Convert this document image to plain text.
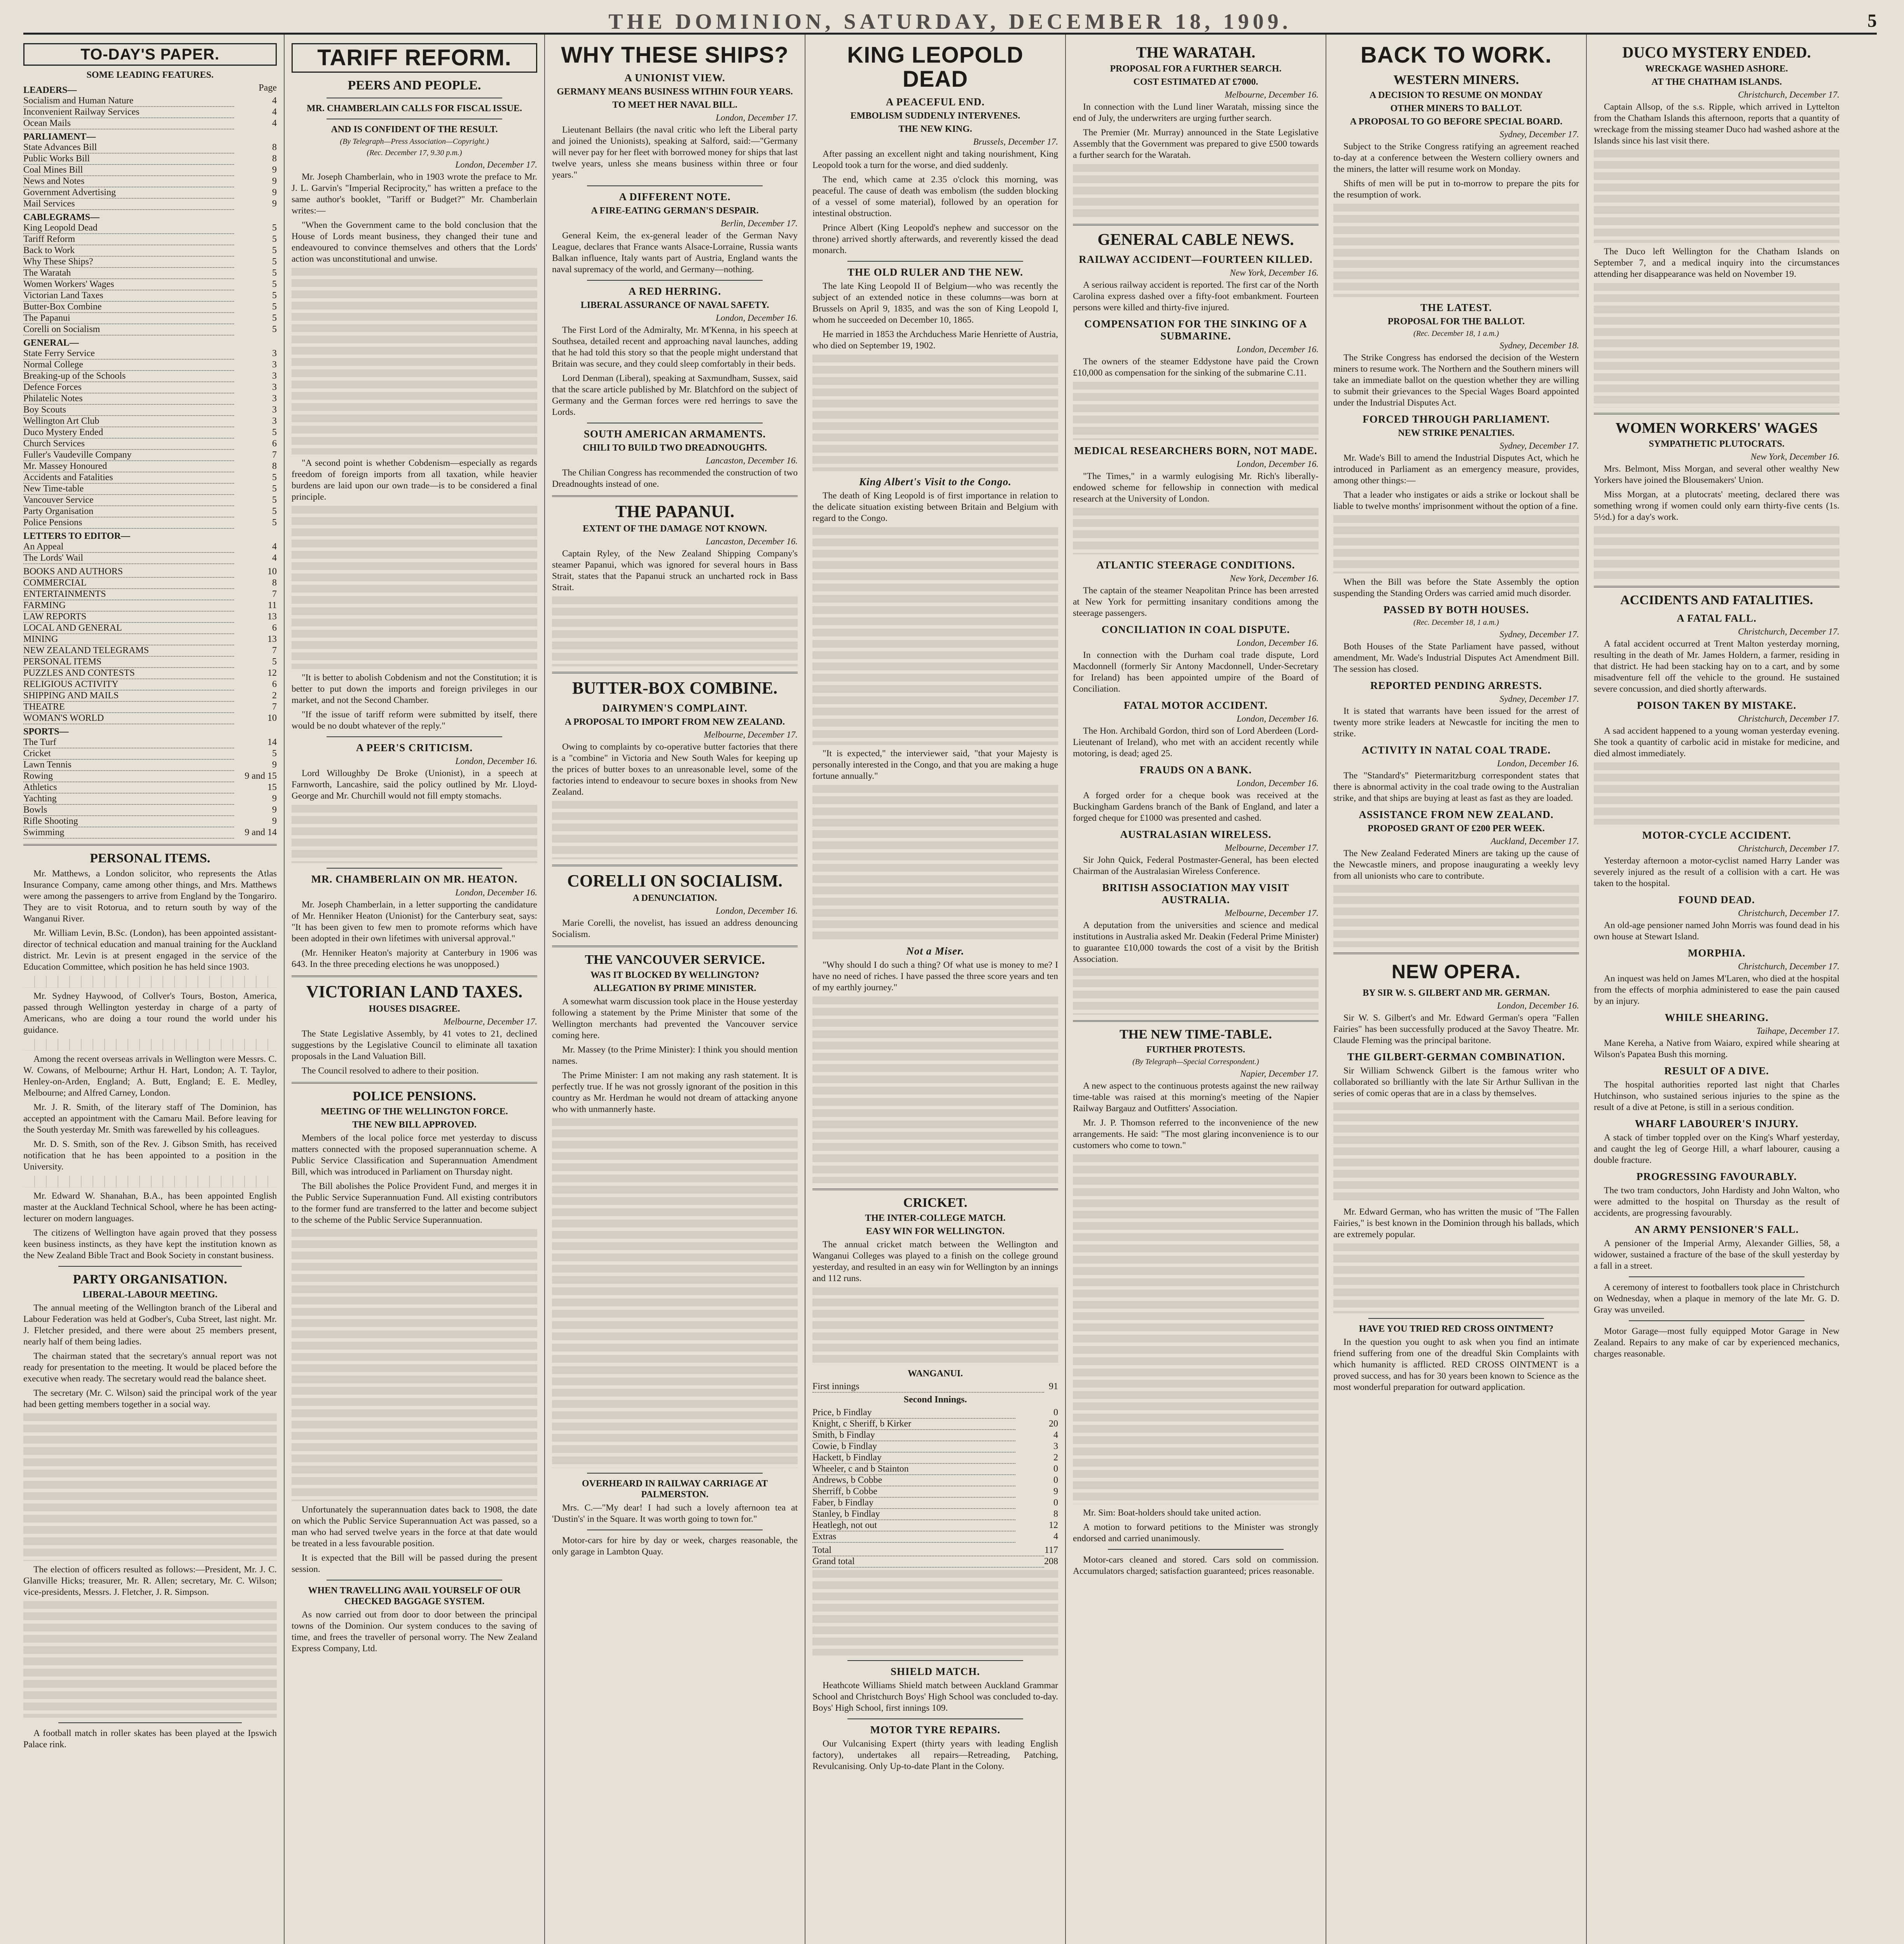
THE DOMINION, SATURDAY, DECEMBER 18, 1909.	5
TO-DAY'S PAPER.
SOME LEADING FEATURES.
LEADERS—	Page
Socialism and Human Nature	4
Inconvenient Railway Services	4
Ocean Mails	4
PARLIAMENT—
State Advances Bill	8
Public Works Bill	8
Coal Mines Bill	9
News and Notes	9
Government Advertising	9
Mail Services	9
CABLEGRAMS—
King Leopold Dead	5
Tariff Reform	5
Back to Work	5
Why These Ships?	5
The Waratah	5
Women Workers' Wages	5
Victorian Land Taxes	5
Butter-Box Combine	5
The Papanui	5
Corelli on Socialism	5
GENERAL—
State Ferry Service	3
Normal College	3
Breaking-up of the Schools	3
Defence Forces	3
Philatelic Notes	3
Boy Scouts	3
Wellington Art Club	3
Duco Mystery Ended	5
Church Services	6
Fuller's Vaudeville Company	7
Mr. Massey Honoured	8
Accidents and Fatalities	5
New Time-table	5
Vancouver Service	5
Party Organisation	5
Police Pensions	5
LETTERS TO EDITOR—
An Appeal	4
The Lords' Wail	4
BOOKS AND AUTHORS	10
COMMERCIAL	8
ENTERTAINMENTS	7
FARMING	11
LAW REPORTS	13
LOCAL AND GENERAL	6
MINING	13
NEW ZEALAND TELEGRAMS	7
PERSONAL ITEMS	5
PUZZLES AND CONTESTS	12
RELIGIOUS ACTIVITY	6
SHIPPING AND MAILS	2
THEATRE	7
WOMAN'S WORLD	10
SPORTS—
The Turf	14
Cricket	5
Lawn Tennis	9
Rowing	9 and 15
Athletics	15
Yachting	9
Bowls	9
Rifle Shooting	9
Swimming	9 and 14
PERSONAL ITEMS.

Mr. Matthews, a London solicitor, who represents the Atlas Insurance Company, came among other things, and Mrs. Matthews were among the passengers to arrive from England by the Tongariro. They are to visit Rotorua, and to return south by way of the Wanganui River.

Mr. William Levin, B.Sc. (London), has been appointed assistant-director of technical education and manual training for the Auckland district. Mr. Levin is at present engaged in the service of the Education Committee, which position he has held since 1903.

Mr. Sydney Haywood, of Collver's Tours, Boston, America, passed through Wellington yesterday in charge of a party of Americans, who are doing a tour round the world under his guidance.

Among the recent overseas arrivals in Wellington were Messrs. C. W. Cowans, of Melbourne; Arthur H. Hart, London; A. T. Taylor, Henley-on-Arden, England; A. Butt, England; E. E. Medley, Melbourne; and Alfred Carney, London.

Mr. J. R. Smith, of the literary staff of The Dominion, has accepted an appointment with the Camaru Mail. Before leaving for the South yesterday Mr. Smith was farewelled by his colleagues.

Mr. D. S. Smith, son of the Rev. J. Gibson Smith, has received notification that he has been appointed to a position in the University.

Mr. Edward W. Shanahan, B.A., has been appointed English master at the Auckland Technical School, where he has been acting-lecturer on modern languages.

The citizens of Wellington have again proved that they possess keen business instincts, as they have kept the institution known as the New Zealand Bible Tract and Book Society in constant business.

PARTY ORGANISATION.
LIBERAL-LABOUR MEETING.

The annual meeting of the Wellington branch of the Liberal and Labour Federation was held at Godber's, Cuba Street, last night. Mr. J. Fletcher presided, and there were about 25 members present, nearly half of them being ladies.

The chairman stated that the secretary's annual report was not ready for presentation to the meeting. It would be placed before the executive when ready. The secretary would read the balance sheet.

The secretary (Mr. C. Wilson) said the principal work of the year had been getting members together in a social way.

The election of officers resulted as follows:—President, Mr. J. C. Glanville Hicks; treasurer, Mr. R. Allen; secretary, Mr. C. Wilson; vice-presidents, Messrs. J. Fletcher, J. R. Simpson.

A football match in roller skates has been played at the Ipswich Palace rink.

TARIFF REFORM.
PEERS AND PEOPLE.
MR. CHAMBERLAIN CALLS FOR FISCAL ISSUE.
AND IS CONFIDENT OF THE RESULT.
(By Telegraph—Press Association—Copyright.)
(Rec. December 17, 9.30 p.m.)
London, December 17.

Mr. Joseph Chamberlain, who in 1903 wrote the preface to Mr. J. L. Garvin's "Imperial Reciprocity," has written a preface to the same author's booklet, "Tariff or Budget?" Mr. Chamberlain writes:—

"When the Government came to the bold conclusion that the House of Lords meant business, they changed their tune and endeavoured to convince themselves and others that the Lords' action was unconstitutional and unwise.

"A second point is whether Cobdenism—especially as regards freedom of foreign imports from all taxation, while heavier burdens are laid upon our own trade—is to be considered a final principle.

"It is better to abolish Cobdenism and not the Constitution; it is better to put down the imports and foreign privileges in our market, and not the Second Chamber.

"If the issue of tariff reform were submitted by itself, there would be no doubt whatever of the reply."

A PEER'S CRITICISM.
London, December 16.

Lord Willoughby De Broke (Unionist), in a speech at Farnworth, Lancashire, said the policy outlined by Mr. Lloyd-George and Mr. Churchill would not fill empty stomachs.

MR. CHAMBERLAIN ON MR. HEATON.
London, December 16.

Mr. Joseph Chamberlain, in a letter supporting the candidature of Mr. Henniker Heaton (Unionist) for the Canterbury seat, says: "It has been given to few men to promote reforms which have been adopted in their own lifetimes with universal approval."

(Mr. Henniker Heaton's majority at Canterbury in 1906 was 643. In the three preceding elections he was unopposed.)

VICTORIAN LAND TAXES.
HOUSES DISAGREE.
Melbourne, December 17.

The State Legislative Assembly, by 41 votes to 21, declined suggestions by the Legislative Council to eliminate all taxation proposals in the Land Valuation Bill.

The Council resolved to adhere to their position.

POLICE PENSIONS.
MEETING OF THE WELLINGTON FORCE.
THE NEW BILL APPROVED.

Members of the local police force met yesterday to discuss matters connected with the proposed superannuation scheme. A Public Service Classification and Superannuation Amendment Bill, which was introduced in Parliament on Thursday night.

The Bill abolishes the Police Provident Fund, and merges it in the Public Service Superannuation Fund. All existing contributors to the former fund are transferred to the latter and become subject to the scheme of the Public Service Superannuation.

Unfortunately the superannuation dates back to 1908, the date on which the Public Service Superannuation Act was passed, so a man who had served twelve years in the force at that date would be treated in a less favourable position.

It is expected that the Bill will be passed during the present session.

WHEN TRAVELLING AVAIL YOURSELF OF OUR CHECKED BAGGAGE SYSTEM.

As now carried out from door to door between the principal towns of the Dominion. Our system conduces to the saving of time, and frees the traveller of personal worry. The New Zealand Express Company, Ltd.

WHY THESE SHIPS?
A UNIONIST VIEW.
GERMANY MEANS BUSINESS WITHIN FOUR YEARS.
TO MEET HER NAVAL BILL.
London, December 17.

Lieutenant Bellairs (the naval critic who left the Liberal party and joined the Unionists), speaking at Salford, said:—"Germany will never pay for her fleet with borrowed money for ships that last twelve years, unless she means business within three or four years."

A DIFFERENT NOTE.
A FIRE-EATING GERMAN'S DESPAIR.
Berlin, December 17.

General Keim, the ex-general leader of the German Navy League, declares that France wants Alsace-Lorraine, Russia wants Balkan influence, Italy wants part of Austria, England wants the naval supremacy of the world, and Germany—nothing.

A RED HERRING.
LIBERAL ASSURANCE OF NAVAL SAFETY.
London, December 16.

The First Lord of the Admiralty, Mr. M'Kenna, in his speech at Southsea, detailed recent and approaching naval launches, adding that he had told this story so that the people might understand that Britain was secure, and they could sleep comfortably in their beds.

Lord Denman (Liberal), speaking at Saxmundham, Sussex, said that the scare article published by Mr. Blatchford on the subject of Germany and the German forces were red herrings to save the Lords.

SOUTH AMERICAN ARMAMENTS.
CHILI TO BUILD TWO DREADNOUGHTS.
Lancaston, December 16.

The Chilian Congress has recommended the construction of two Dreadnoughts instead of one.

THE PAPANUI.
EXTENT OF THE DAMAGE NOT KNOWN.
Lancaston, December 16.

Captain Ryley, of the New Zealand Shipping Company's steamer Papanui, which was ignored for several hours in Bass Strait, states that the Papanui struck an uncharted rock in Bass Strait.

BUTTER-BOX COMBINE.
DAIRYMEN'S COMPLAINT.
A PROPOSAL TO IMPORT FROM NEW ZEALAND.
Melbourne, December 17.

Owing to complaints by co-operative butter factories that there is a "combine" in Victoria and New South Wales for keeping up the prices of butter boxes to an unreasonable level, some of the factories intend to endeavour to secure boxes in shooks from New Zealand.

CORELLI ON SOCIALISM.
A DENUNCIATION.
London, December 16.

Marie Corelli, the novelist, has issued an address denouncing Socialism.

THE VANCOUVER SERVICE.
WAS IT BLOCKED BY WELLINGTON?
ALLEGATION BY PRIME MINISTER.

A somewhat warm discussion took place in the House yesterday following a statement by the Prime Minister that some of the Wellington merchants had prevented the Vancouver service coming here.

Mr. Massey (to the Prime Minister): I think you should mention names.

The Prime Minister: I am not making any rash statement. It is perfectly true. If he was not grossly ignorant of the position in this country as Mr. Herdman he would not dream of attacking anyone who with unmannerly haste.

OVERHEARD IN RAILWAY CARRIAGE AT PALMERSTON.

Mrs. C.—"My dear! I had such a lovely afternoon tea at 'Dustin's' in the Square. It was worth going to town for."

Motor-cars for hire by day or week, charges reasonable, the only garage in Lambton Quay.

KING LEOPOLD DEAD
A PEACEFUL END.
EMBOLISM SUDDENLY INTERVENES.
THE NEW KING.
Brussels, December 17.

After passing an excellent night and taking nourishment, King Leopold took a turn for the worse, and died suddenly.

The end, which came at 2.35 o'clock this morning, was peaceful. The cause of death was embolism (the sudden blocking of a vessel of some material), followed by an operation for intestinal obstruction.

Prince Albert (King Leopold's nephew and successor on the throne) arrived shortly afterwards, and reverently kissed the dead monarch.

THE OLD RULER AND THE NEW.

The late King Leopold II of Belgium—who was recently the subject of an extended notice in these columns—was born at Brussels on April 9, 1835, and was the son of King Leopold I, whom he succeeded on December 10, 1865.

He married in 1853 the Archduchess Marie Henriette of Austria, who died on September 19, 1902.

King Albert's Visit to the Congo.

The death of King Leopold is of first importance in relation to the delicate situation existing between Britain and Belgium with regard to the Congo.

"It is expected," the interviewer said, "that your Majesty is personally interested in the Congo, and that you are making a huge fortune annually."

Not a Miser.

"Why should I do such a thing? Of what use is money to me? I have no need of riches. I have passed the three score years and ten of my earthly journey."

CRICKET.
THE INTER-COLLEGE MATCH.
EASY WIN FOR WELLINGTON.

The annual cricket match between the Wellington and Wanganui Colleges was played to a finish on the college ground yesterday, and resulted in an easy win for Wellington by an innings and 112 runs.

WANGANUI.
First innings	91
Second Innings.
Price, b Findlay	0
Knight, c Sheriff, b Kirker	20
Smith, b Findlay	4
Cowie, b Findlay	3
Hackett, b Findlay	2
Wheeler, c and b Stainton	0
Andrews, b Cobbe	0
Sherriff, b Cobbe	9
Faber, b Findlay	0
Stanley, b Findlay	8
Heatlegh, not out	12
Extras	4
Total	117
Grand total	208
SHIELD MATCH.

Heathcote Williams Shield match between Auckland Grammar School and Christchurch Boys' High School was concluded to-day. Boys' High School, first innings 109.

MOTOR TYRE REPAIRS.

Our Vulcanising Expert (thirty years with leading English factory), undertakes all repairs—Retreading, Patching, Revulcanising. Only Up-to-date Plant in the Colony.

THE WARATAH.
PROPOSAL FOR A FURTHER SEARCH.
COST ESTIMATED AT £7000.
Melbourne, December 16.

In connection with the Lund liner Waratah, missing since the end of July, the underwriters are urging further search.

The Premier (Mr. Murray) announced in the State Legislative Assembly that the Government was prepared to give £500 towards a further search for the Waratah.

GENERAL CABLE NEWS.
RAILWAY ACCIDENT—FOURTEEN KILLED.
New York, December 16.

A serious railway accident is reported. The first car of the North Carolina express dashed over a fifty-foot embankment. Fourteen persons were killed and thirty-five injured.

COMPENSATION FOR THE SINKING OF A SUBMARINE.
London, December 16.

The owners of the steamer Eddystone have paid the Crown £10,000 as compensation for the sinking of the submarine C.11.

MEDICAL RESEARCHERS BORN, NOT MADE.
London, December 16.

"The Times," in a warmly eulogising Mr. Rich's liberally-endowed scheme for fellowship in connection with medical research at the University of London.

ATLANTIC STEERAGE CONDITIONS.
New York, December 16.

The captain of the steamer Neapolitan Prince has been arrested at New York for permitting insanitary conditions among the steerage passengers.

CONCILIATION IN COAL DISPUTE.
London, December 16.

In connection with the Durham coal trade dispute, Lord Macdonnell (formerly Sir Antony Macdonnell, Under-Secretary for Ireland) has been appointed umpire of the Board of Conciliation.

FATAL MOTOR ACCIDENT.
London, December 16.

The Hon. Archibald Gordon, third son of Lord Aberdeen (Lord-Lieutenant of Ireland), who met with an accident recently while motoring, is dead; aged 25.

FRAUDS ON A BANK.
London, December 16.

A forged order for a cheque book was received at the Buckingham Gardens branch of the Bank of England, and later a forged cheque for £1000 was presented and cashed.

AUSTRALASIAN WIRELESS.
Melbourne, December 17.

Sir John Quick, Federal Postmaster-General, has been elected Chairman of the Australasian Wireless Conference.

BRITISH ASSOCIATION MAY VISIT AUSTRALIA.
Melbourne, December 17.

A deputation from the universities and science and medical institutions in Australia asked Mr. Deakin (Federal Prime Minister) to guarantee £10,000 towards the cost of a visit by the British Association.

THE NEW TIME-TABLE.
FURTHER PROTESTS.
(By Telegraph—Special Correspondent.)
Napier, December 17.

A new aspect to the continuous protests against the new railway time-table was raised at this morning's meeting of the Napier Railway Bargauz and Outfitters' Association.

Mr. J. P. Thomson referred to the inconvenience of the new arrangements. He said: "The most glaring inconvenience is to our customers who come to town."

Mr. Sim: Boat-holders should take united action.

A motion to forward petitions to the Minister was strongly endorsed and carried unanimously.

Motor-cars cleaned and stored. Cars sold on commission. Accumulators charged; satisfaction guaranteed; prices reasonable.

BACK TO WORK.
WESTERN MINERS.
A DECISION TO RESUME ON MONDAY
OTHER MINERS TO BALLOT.
A PROPOSAL TO GO BEFORE SPECIAL BOARD.
Sydney, December 17.

Subject to the Strike Congress ratifying an agreement reached to-day at a conference between the Western colliery owners and the miners, the latter will resume work on Monday.

Shifts of men will be put in to-morrow to prepare the pits for the resumption of work.

THE LATEST.
PROPOSAL FOR THE BALLOT.
(Rec. December 18, 1 a.m.)
Sydney, December 18.

The Strike Congress has endorsed the decision of the Western miners to resume work. The Northern and the Southern miners will take an immediate ballot on the question whether they are willing to submit their grievances to the Special Wages Board appointed under the Industrial Disputes Act.

FORCED THROUGH PARLIAMENT.
NEW STRIKE PENALTIES.
Sydney, December 17.

Mr. Wade's Bill to amend the Industrial Disputes Act, which he introduced in Parliament as an emergency measure, provides, among other things:—

That a leader who instigates or aids a strike or lockout shall be liable to twelve months' imprisonment without the option of a fine.

When the Bill was before the State Assembly the option suspending the Standing Orders was carried amid much disorder.

PASSED BY BOTH HOUSES.
(Rec. December 18, 1 a.m.)
Sydney, December 17.

Both Houses of the State Parliament have passed, without amendment, Mr. Wade's Industrial Disputes Act Amendment Bill. The session has closed.

REPORTED PENDING ARRESTS.
Sydney, December 17.

It is stated that warrants have been issued for the arrest of twenty more strike leaders at Newcastle for inciting the men to strike.

ACTIVITY IN NATAL COAL TRADE.
London, December 16.

The "Standard's" Pietermaritzburg correspondent states that there is abnormal activity in the coal trade owing to the Australian strike, and that ships are buying at least as fast as they are loaded.

ASSISTANCE FROM NEW ZEALAND.
PROPOSED GRANT OF £200 PER WEEK.
Auckland, December 17.

The New Zealand Federated Miners are taking up the cause of the Newcastle miners, and propose inaugurating a weekly levy from all unionists who care to contribute.

NEW OPERA.
BY SIR W. S. GILBERT AND MR. GERMAN.
London, December 16.

Sir W. S. Gilbert's and Mr. Edward German's opera "Fallen Fairies" has been successfully produced at the Savoy Theatre. Mr. Claude Fleming was the principal baritone.

THE GILBERT-GERMAN COMBINATION.

Sir William Schwenck Gilbert is the famous writer who collaborated so brilliantly with the late Sir Arthur Sullivan in the series of comic operas that are in a class by themselves.

Mr. Edward German, who has written the music of "The Fallen Fairies," is best known in the Dominion through his ballads, which are extremely popular.

HAVE YOU TRIED RED CROSS OINTMENT?

In the question you ought to ask when you find an intimate friend suffering from one of the dreadful Skin Complaints with which humanity is afflicted. RED CROSS OINTMENT is a proved success, and has for 30 years been known to Science as the most wonderful preparation for outward application.

DUCO MYSTERY ENDED.
WRECKAGE WASHED ASHORE.
AT THE CHATHAM ISLANDS.
Christchurch, December 17.

Captain Allsop, of the s.s. Ripple, which arrived in Lyttelton from the Chatham Islands this afternoon, reports that a quantity of wreckage from the missing steamer Duco had washed ashore at the Islands since his last visit there.

The Duco left Wellington for the Chatham Islands on September 7, and a medical inquiry into the circumstances attending her disappearance was held on November 19.

WOMEN WORKERS' WAGES
SYMPATHETIC PLUTOCRATS.
New York, December 16.

Mrs. Belmont, Miss Morgan, and several other wealthy New Yorkers have joined the Blousemakers' Union.

Miss Morgan, at a plutocrats' meeting, declared there was something wrong if women could only earn thirty-five cents (1s. 5½d.) for a day's work.

ACCIDENTS AND FATALITIES.
A FATAL FALL.
Christchurch, December 17.

A fatal accident occurred at Trent Malton yesterday morning, resulting in the death of Mr. James Holdern, a farmer, residing in that district. He had been stacking hay on to a cart, and by some misadventure fell off the vehicle to the ground. He sustained severe concussion, and died shortly afterwards.

POISON TAKEN BY MISTAKE.
Christchurch, December 17.

A sad accident happened to a young woman yesterday evening. She took a quantity of carbolic acid in mistake for medicine, and died almost immediately.

MOTOR-CYCLE ACCIDENT.
Christchurch, December 17.

Yesterday afternoon a motor-cyclist named Harry Lander was severely injured as the result of a collision with a cart. He was taken to the hospital.

FOUND DEAD.
Christchurch, December 17.

An old-age pensioner named John Morris was found dead in his own house at Stewart Island.

MORPHIA.
Christchurch, December 17.

An inquest was held on James M'Laren, who died at the hospital from the effects of morphia administered to ease the pain caused by an injury.

WHILE SHEARING.
Taihape, December 17.

Mane Kereha, a Native from Waiaro, expired while shearing at Wilson's Papatea Bush this morning.

RESULT OF A DIVE.

The hospital authorities reported last night that Charles Hutchinson, who sustained serious injuries to the spine as the result of a dive at Petone, is still in a serious condition.

WHARF LABOURER'S INJURY.

A stack of timber toppled over on the King's Wharf yesterday, and caught the leg of George Hill, a wharf labourer, causing a double fracture.

PROGRESSING FAVOURABLY.

The two tram conductors, John Hardisty and John Walton, who were admitted to the hospital on Thursday as the result of accidents, are progressing favourably.

AN ARMY PENSIONER'S FALL.

A pensioner of the Imperial Army, Alexander Gillies, 58, a widower, sustained a fracture of the base of the skull yesterday by a fall in a street.

A ceremony of interest to footballers took place in Christchurch on Wednesday, when a plaque in memory of the late Mr. G. D. Gray was unveiled.

Motor Garage—most fully equipped Motor Garage in New Zealand. Repairs to any make of car by experienced mechanics, charges reasonable.
